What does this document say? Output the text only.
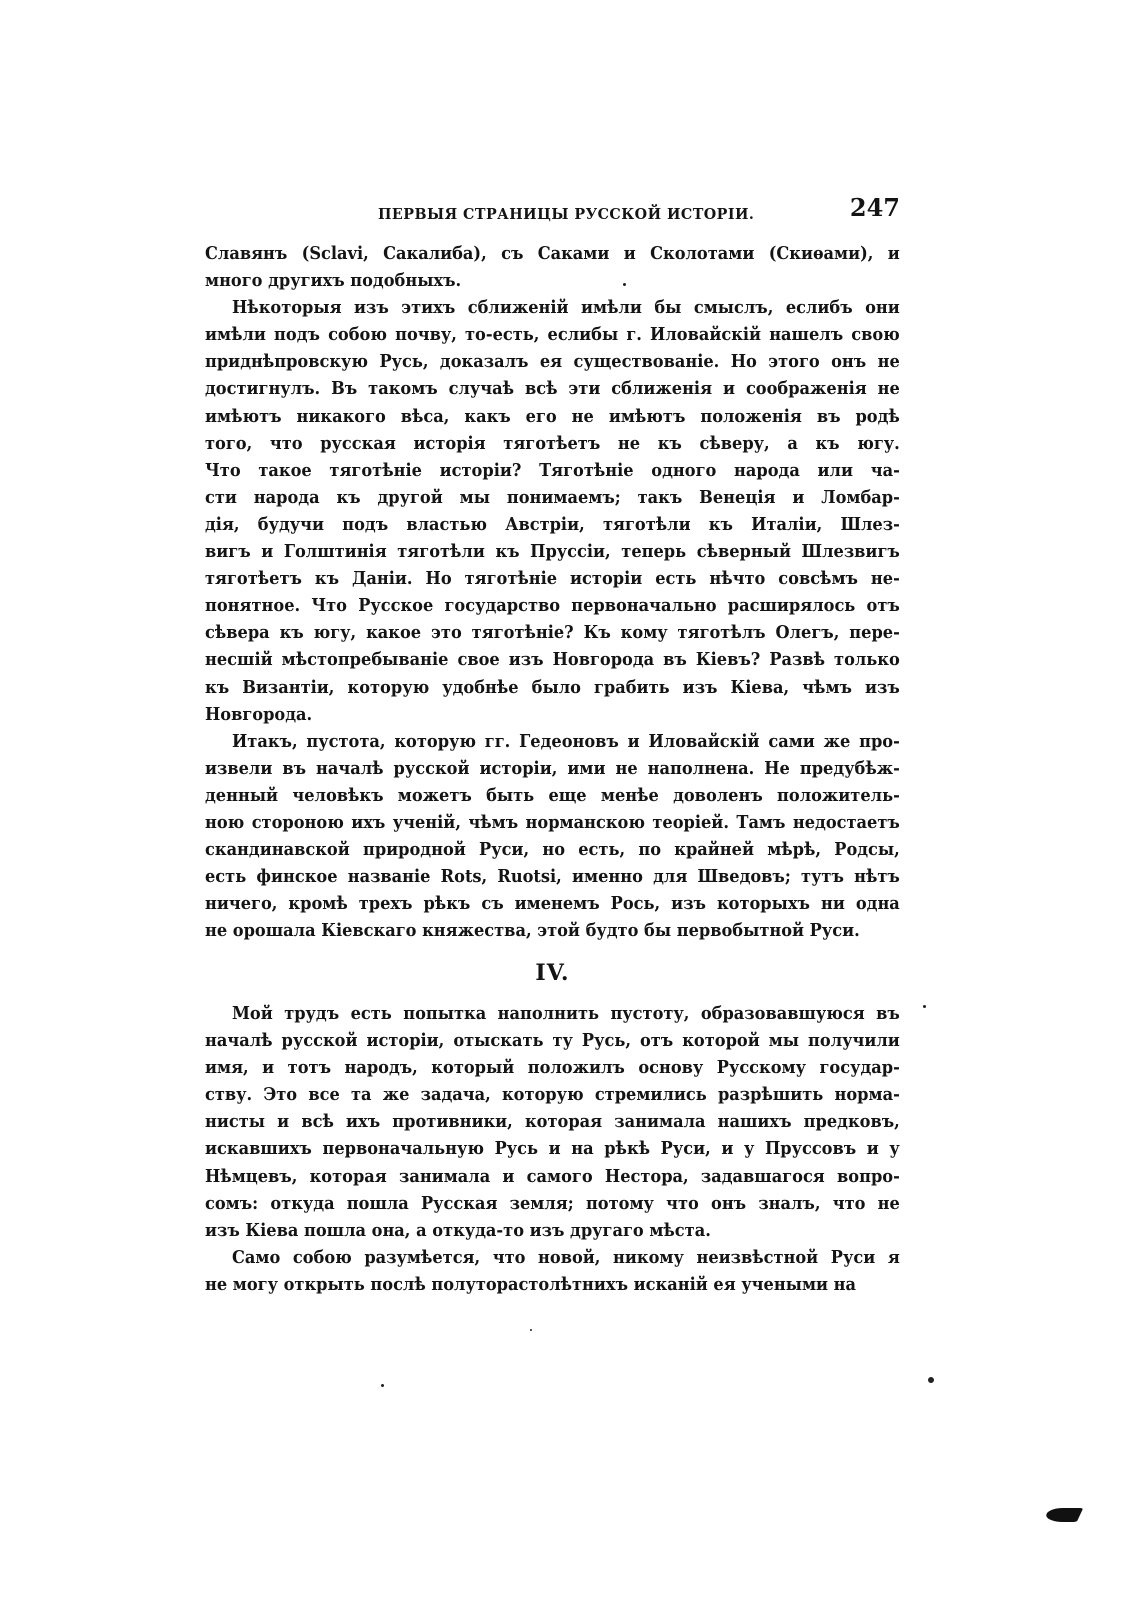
ПЕРВЫЯ СТРАНИЦЫ РУССКОЙ ИСТОРІИ.	247
Славянъ (Sclavi, Сакалиба), съ Саками и Сколотами (Скиѳами), и
много другихъ подобныхъ.
Нѣкоторыя изъ этихъ сближеній имѣли бы смыслъ, еслибъ они
имѣли подъ собою почву, то-есть, еслибы г. Иловайскій нашелъ свою
приднѣпровскую Русь, доказалъ ея существованіе. Но этого онъ не
достигнулъ. Въ такомъ случаѣ всѣ эти сближенія и соображенія не
имѣютъ никакого вѣса, какъ его не имѣютъ положенія въ родѣ
того, что русская исторія тяготѣетъ не къ сѣверу, а къ югу.
Что такое тяготѣніе исторіи? Тяготѣніе одного народа или ча-
сти народа къ другой мы понимаемъ; такъ Венеція и Ломбар-
дія, будучи подъ властью Австріи, тяготѣли къ Италіи, Шлез-
вигъ и Голштинія тяготѣли къ Пруссіи, теперь сѣверный Шлезвигъ
тяготѣетъ къ Даніи. Но тяготѣніе исторіи есть нѣчто совсѣмъ не-
понятное. Что Русское государство первоначально расширялось отъ
сѣвера къ югу, какое это тяготѣніе? Къ кому тяготѣлъ Олегъ, пере-
несшій мѣстопребываніе свое изъ Новгорода въ Кіевъ? Развѣ только
къ Византіи, которую удобнѣе было грабить изъ Кіева, чѣмъ изъ
Новгорода.
Итакъ, пустота, которую гг. Гедеоновъ и Иловайскій сами же про-
извели въ началѣ русской исторіи, ими не наполнена. Не предубѣж-
денный человѣкъ можетъ быть еще менѣе доволенъ положитель-
ною стороною ихъ ученій, чѣмъ норманскою теоріей. Тамъ недостаетъ
скандинавской природной Руси, но есть, по крайней мѣрѣ, Родсы,
есть финское названіе Rots, Ruotsi, именно для Шведовъ; тутъ нѣтъ
ничего, кромѣ трехъ рѣкъ съ именемъ Рось, изъ которыхъ ни одна
не орошала Кіевскаго княжества, этой будто бы первобытной Руси.
IV.
Мой трудъ есть попытка наполнить пустоту, образовавшуюся въ
началѣ русской исторіи, отыскать ту Русь, отъ которой мы получили
имя, и тотъ народъ, который положилъ основу Русскому государ-
ству. Это все та же задача, которую стремились разрѣшить норма-
нисты и всѣ ихъ противники, которая занимала нашихъ предковъ,
искавшихъ первоначальную Русь и на рѣкѣ Руси, и у Пруссовъ и у
Нѣмцевъ, которая занимала и самого Нестора, задавшагося вопро-
сомъ: откуда пошла Русская земля; потому что онъ зналъ, что не
изъ Кіева пошла она, а откуда-то изъ другаго мѣста.
Само собою разумѣется, что новой, никому неизвѣстной Руси я
не могу открыть послѣ полуторастолѣтнихъ исканій ея учеными на
